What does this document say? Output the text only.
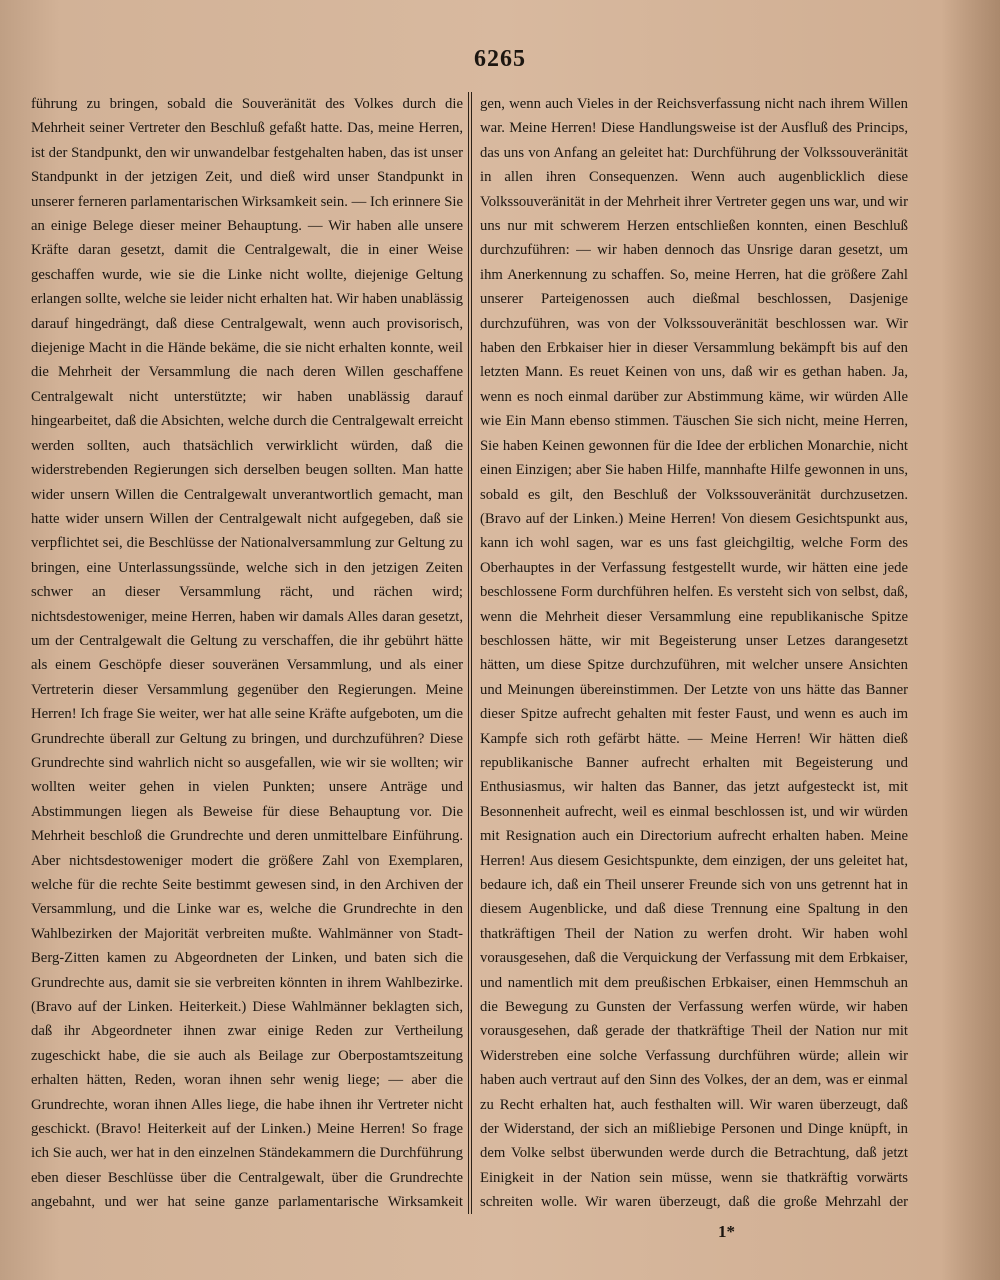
6265

führung zu bringen, sobald die Souveränität des Volkes durch die Mehrheit seiner Vertreter den Beschluß gefaßt hatte. Das, meine Herren, ist der Standpunkt, den wir unwandelbar festgehalten haben, das ist unser Standpunkt in der jetzigen Zeit, und dieß wird unser Standpunkt in unserer ferneren parlamentarischen Wirksamkeit sein. — Ich erinnere Sie an einige Belege dieser meiner Behauptung. — Wir haben alle unsere Kräfte daran gesetzt, damit die Centralgewalt, die in einer Weise geschaffen wurde, wie sie die Linke nicht wollte, diejenige Geltung erlangen sollte, welche sie leider nicht erhalten hat. Wir haben unablässig darauf hingedrängt, daß diese Centralgewalt, wenn auch provisorisch, diejenige Macht in die Hände bekäme, die sie nicht erhalten konnte, weil die Mehrheit der Versammlung die nach deren Willen geschaffene Centralgewalt nicht unterstützte; wir haben unablässig darauf hingearbeitet, daß die Absichten, welche durch die Centralgewalt erreicht werden sollten, auch thatsächlich verwirklicht würden, daß die widerstrebenden Regierungen sich derselben beugen sollten. Man hatte wider unsern Willen die Centralgewalt unverantwortlich gemacht, man hatte wider unsern Willen der Centralgewalt nicht aufgegeben, daß sie verpflichtet sei, die Beschlüsse der Nationalversammlung zur Geltung zu bringen, eine Unterlassungssünde, welche sich in den jetzigen Zeiten schwer an dieser Versammlung rächt, und rächen wird; nichtsdestoweniger, meine Herren, haben wir damals Alles daran gesetzt, um der Centralgewalt die Geltung zu verschaffen, die ihr gebührt hätte als einem Geschöpfe dieser souveränen Versammlung, und als einer Vertreterin dieser Versammlung gegenüber den Regierungen. Meine Herren! Ich frage Sie weiter, wer hat alle seine Kräfte aufgeboten, um die Grundrechte überall zur Geltung zu bringen, und durchzuführen? Diese Grundrechte sind wahrlich nicht so ausgefallen, wie wir sie wollten; wir wollten weiter gehen in vielen Punkten; unsere Anträge und Abstimmungen liegen als Beweise für diese Behauptung vor. Die Mehrheit beschloß die Grundrechte und deren unmittelbare Einführung. Aber nichtsdestoweniger modert die größere Zahl von Exemplaren, welche für die rechte Seite bestimmt gewesen sind, in den Archiven der Versammlung, und die Linke war es, welche die Grundrechte in den Wahlbezirken der Majorität verbreiten mußte. Wahlmänner von Stadt-Berg-Zitten kamen zu Abgeordneten der Linken, und baten sich die Grundrechte aus, damit sie sie verbreiten könnten in ihrem Wahlbezirke. (Bravo auf der Linken. Heiterkeit.) Diese Wahlmänner beklagten sich, daß ihr Abgeordneter ihnen zwar einige Reden zur Vertheilung zugeschickt habe, die sie auch als Beilage zur Oberpostamtszeitung erhalten hätten, Reden, woran ihnen sehr wenig liege; — aber die Grundrechte, woran ihnen Alles liege, die habe ihnen ihr Vertreter nicht geschickt. (Bravo! Heiterkeit auf der Linken.) Meine Herren! So frage ich Sie auch, wer hat in den einzelnen Ständekammern die Durchführung eben dieser Beschlüsse über die Centralgewalt, über die Grundrechte angebahnt, und wer hat seine ganze parlamentarische Wirksamkeit

gen, wenn auch Vieles in der Reichsverfassung nicht nach ihrem Willen war. Meine Herren! Diese Handlungsweise ist der Ausfluß des Princips, das uns von Anfang an geleitet hat: Durchführung der Volkssouveränität in allen ihren Consequenzen. Wenn auch augenblicklich diese Volkssouveränität in der Mehrheit ihrer Vertreter gegen uns war, und wir uns nur mit schwerem Herzen entschließen konnten, einen Beschluß durchzuführen: — wir haben dennoch das Unsrige daran gesetzt, um ihm Anerkennung zu schaffen. So, meine Herren, hat die größere Zahl unserer Parteigenossen auch dießmal beschlossen, Dasjenige durchzuführen, was von der Volkssouveränität beschlossen war. Wir haben den Erbkaiser hier in dieser Versammlung bekämpft bis auf den letzten Mann. Es reuet Keinen von uns, daß wir es gethan haben. Ja, wenn es noch einmal darüber zur Abstimmung käme, wir würden Alle wie Ein Mann ebenso stimmen. Täuschen Sie sich nicht, meine Herren, Sie haben Keinen gewonnen für die Idee der erblichen Monarchie, nicht einen Einzigen; aber Sie haben Hilfe, mannhafte Hilfe gewonnen in uns, sobald es gilt, den Beschluß der Volkssouveränität durchzusetzen. (Bravo auf der Linken.) Meine Herren! Von diesem Gesichtspunkt aus, kann ich wohl sagen, war es uns fast gleichgiltig, welche Form des Oberhauptes in der Verfassung festgestellt wurde, wir hätten eine jede beschlossene Form durchführen helfen. Es versteht sich von selbst, daß, wenn die Mehrheit dieser Versammlung eine republikanische Spitze beschlossen hätte, wir mit Begeisterung unser Letzes darangesetzt hätten, um diese Spitze durchzuführen, mit welcher unsere Ansichten und Meinungen übereinstimmen. Der Letzte von uns hätte das Banner dieser Spitze aufrecht gehalten mit fester Faust, und wenn es auch im Kampfe sich roth gefärbt hätte. — Meine Herren! Wir hätten dieß republikanische Banner aufrecht erhalten mit Begeisterung und Enthusiasmus, wir halten das Banner, das jetzt aufgesteckt ist, mit Besonnenheit aufrecht, weil es einmal beschlossen ist, und wir würden mit Resignation auch ein Directorium aufrecht erhalten haben. Meine Herren! Aus diesem Gesichtspunkte, dem einzigen, der uns geleitet hat, bedaure ich, daß ein Theil unserer Freunde sich von uns getrennt hat in diesem Augenblicke, und daß diese Trennung eine Spaltung in den thatkräftigen Theil der Nation zu werfen droht. Wir haben wohl vorausgesehen, daß die Verquickung der Verfassung mit dem Erbkaiser, und namentlich mit dem preußischen Erbkaiser, einen Hemmschuh an die Bewegung zu Gunsten der Verfassung werfen würde, wir haben vorausgesehen, daß gerade der thatkräftige Theil der Nation nur mit Widerstreben eine solche Verfassung durchführen würde; allein wir haben auch vertraut auf den Sinn des Volkes, der an dem, was er einmal zu Recht erhalten hat, auch festhalten will. Wir waren überzeugt, daß der Widerstand, der sich an mißliebige Personen und Dinge knüpft, in dem Volke selbst überwunden werde durch die Betrachtung, daß jetzt Einigkeit in der Nation sein müsse, wenn sie thatkräftig vorwärts schreiten wolle. Wir waren überzeugt, daß die große Mehrzahl der

1*
